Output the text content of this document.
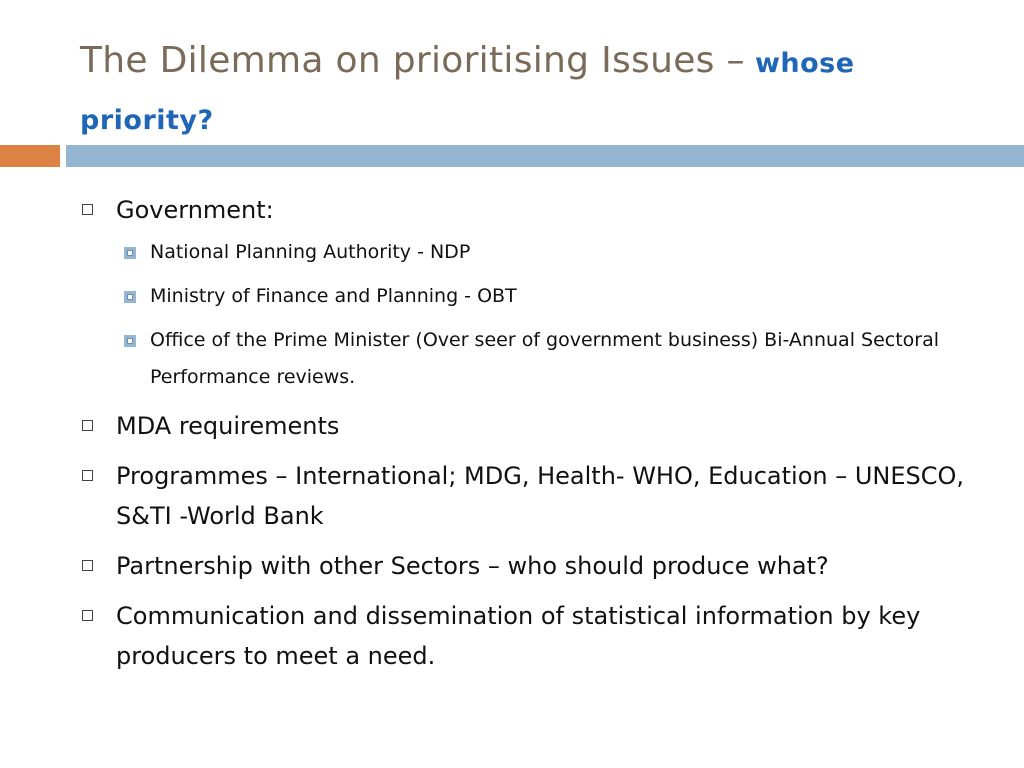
The Dilemma on prioritising Issues – whose priority?
Government:
National Planning Authority - NDP
Ministry of Finance and Planning - OBT
Office of the Prime Minister (Over seer of government business) Bi-Annual Sectoral Performance reviews.
MDA requirements
Programmes – International; MDG, Health- WHO, Education – UNESCO, S&TI -World Bank
Partnership with other Sectors – who should produce what?
Communication and dissemination of statistical information by key producers to meet a need.
